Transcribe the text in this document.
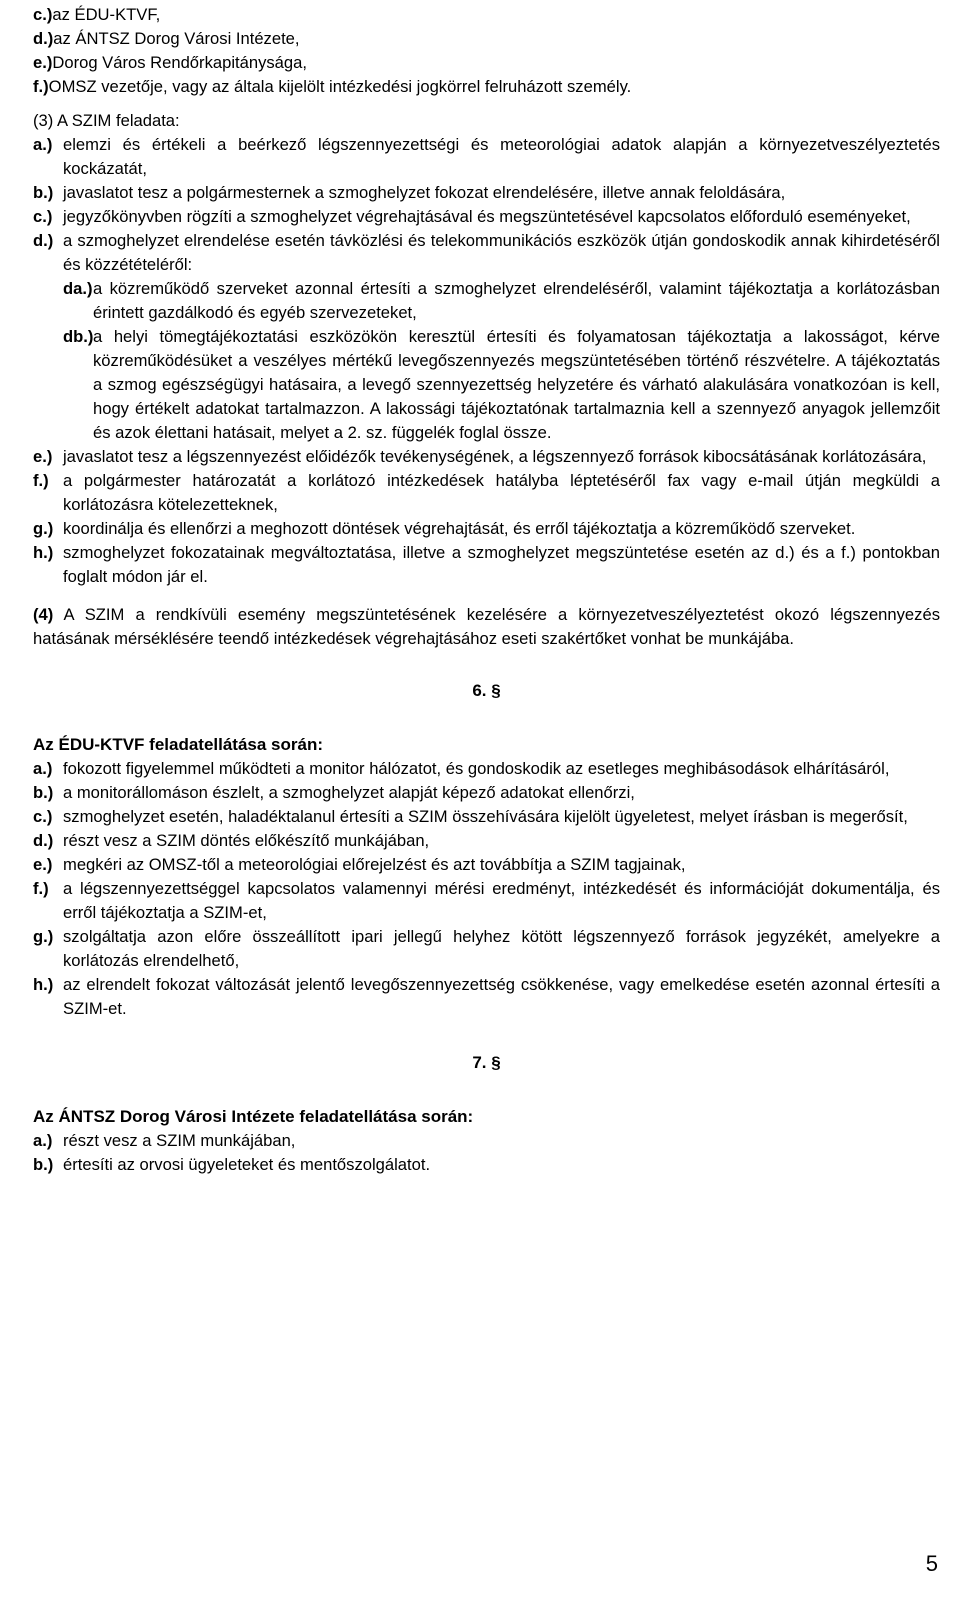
c.) az ÉDU-KTVF,
d.) az ÁNTSZ Dorog Városi Intézete,
e.) Dorog Város Rendőrkapitánysága,
f.) OMSZ vezetője, vagy az általa kijelölt intézkedési jogkörrel felruházott személy.
(3) A SZIM feladata:
a.) elemzi és értékeli a beérkező légszennyezettségi és meteorológiai adatok alapján a környezetveszélyeztetés kockázatát,
b.) javaslatot tesz a polgármesternek a szmoghelyzet fokozat elrendelésére, illetve annak feloldására,
c.) jegyzőkönyvben rögzíti a szmoghelyzet végrehajtásával és megszüntetésével kapcsolatos előforduló eseményeket,
d.) a szmoghelyzet elrendelése esetén távközlési és telekommunikációs eszközök útján gondoskodik annak kihirdetéséről és közzétételéről:
da.) a közreműködő szerveket azonnal értesíti a szmoghelyzet elrendeléséről, valamint tájékoztatja a korlátozásban érintett gazdálkodó és egyéb szervezeteket,
db.) a helyi tömegtájékoztatási eszközökön keresztül értesíti és folyamatosan tájékoztatja a lakosságot, kérve közreműködésüket a veszélyes mértékű levegőszennyezés megszüntetésében történő részvételre. A tájékoztatás a szmog egészségügyi hatásaira, a levegő szennyezettség helyzetére és várható alakulására vonatkozóan is kell, hogy értékelt adatokat tartalmazzon. A lakossági tájékoztatónak tartalmaznia kell a szennyező anyagok jellemzőit és azok élettani hatásait, melyet a 2. sz. függelék foglal össze.
e.) javaslatot tesz a légszennyezést előidézők tevékenységének, a légszennyező források kibocsátásának korlátozására,
f.) a polgármester határozatát a korlátozó intézkedések hatályba léptetéséről fax vagy e-mail útján megküldi a korlátozásra kötelezetteknek,
g.) koordinálja és ellenőrzi a meghozott döntések végrehajtását, és erről tájékoztatja a közreműködő szerveket.
h.) szmoghelyzet fokozatainak megváltoztatása, illetve a szmoghelyzet megszüntetése esetén az d.) és a f.) pontokban foglalt módon jár el.
(4) A SZIM a rendkívüli esemény megszüntetésének kezelésére a környezetveszélyeztetést okozó légszennyezés hatásának mérséklésére teendő intézkedések végrehajtásához eseti szakértőket vonhat be munkájába.
6. §
Az ÉDU-KTVF feladatellátása során:
a.) fokozott figyelemmel működteti a monitor hálózatot, és gondoskodik az esetleges meghibásodások elhárításáról,
b.) a monitorállomáson észlelt, a szmoghelyzet alapját képező adatokat ellenőrzi,
c.) szmoghelyzet esetén, haladéktalanul értesíti a SZIM összehívására kijelölt ügyeletest, melyet írásban is megerősít,
d.) részt vesz a SZIM döntés előkészítő munkájában,
e.) megkéri az OMSZ-től a meteorológiai előrejelzést és azt továbbítja a SZIM tagjainak,
f.) a légszennyezettséggel kapcsolatos valamennyi mérési eredményt, intézkedését és információját dokumentálja, és erről tájékoztatja a SZIM-et,
g.) szolgáltatja azon előre összeállított ipari jellegű helyhez kötött légszennyező források jegyzékét, amelyekre a korlátozás elrendelhető,
h.) az elrendelt fokozat változását jelentő levegőszennyezettség csökkenése, vagy emelkedése esetén azonnal értesíti a SZIM-et.
7. §
Az ÁNTSZ Dorog Városi Intézete feladatellátása során:
a.) részt vesz a SZIM munkájában,
b.) értesíti az orvosi ügyeleteket és mentőszolgálatot.
5
